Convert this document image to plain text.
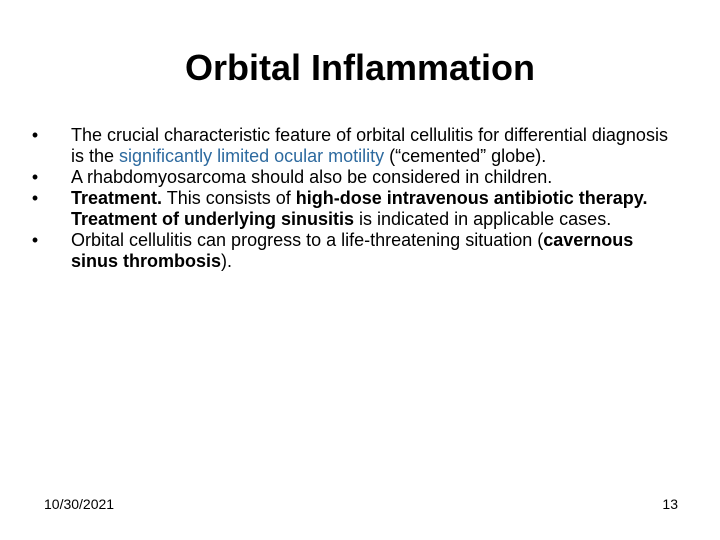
Orbital Inflammation
• The crucial characteristic feature of orbital cellulitis for differential diagnosis is the significantly limited ocular motility (“cemented” globe).
• A rhabdomyosarcoma should also be considered in children.
• Treatment. This consists of high-dose intravenous antibiotic therapy. Treatment of underlying sinusitis is indicated in applicable cases.
• Orbital cellulitis can progress to a life-threatening situation (cavernous sinus thrombosis).
10/30/2021	13
